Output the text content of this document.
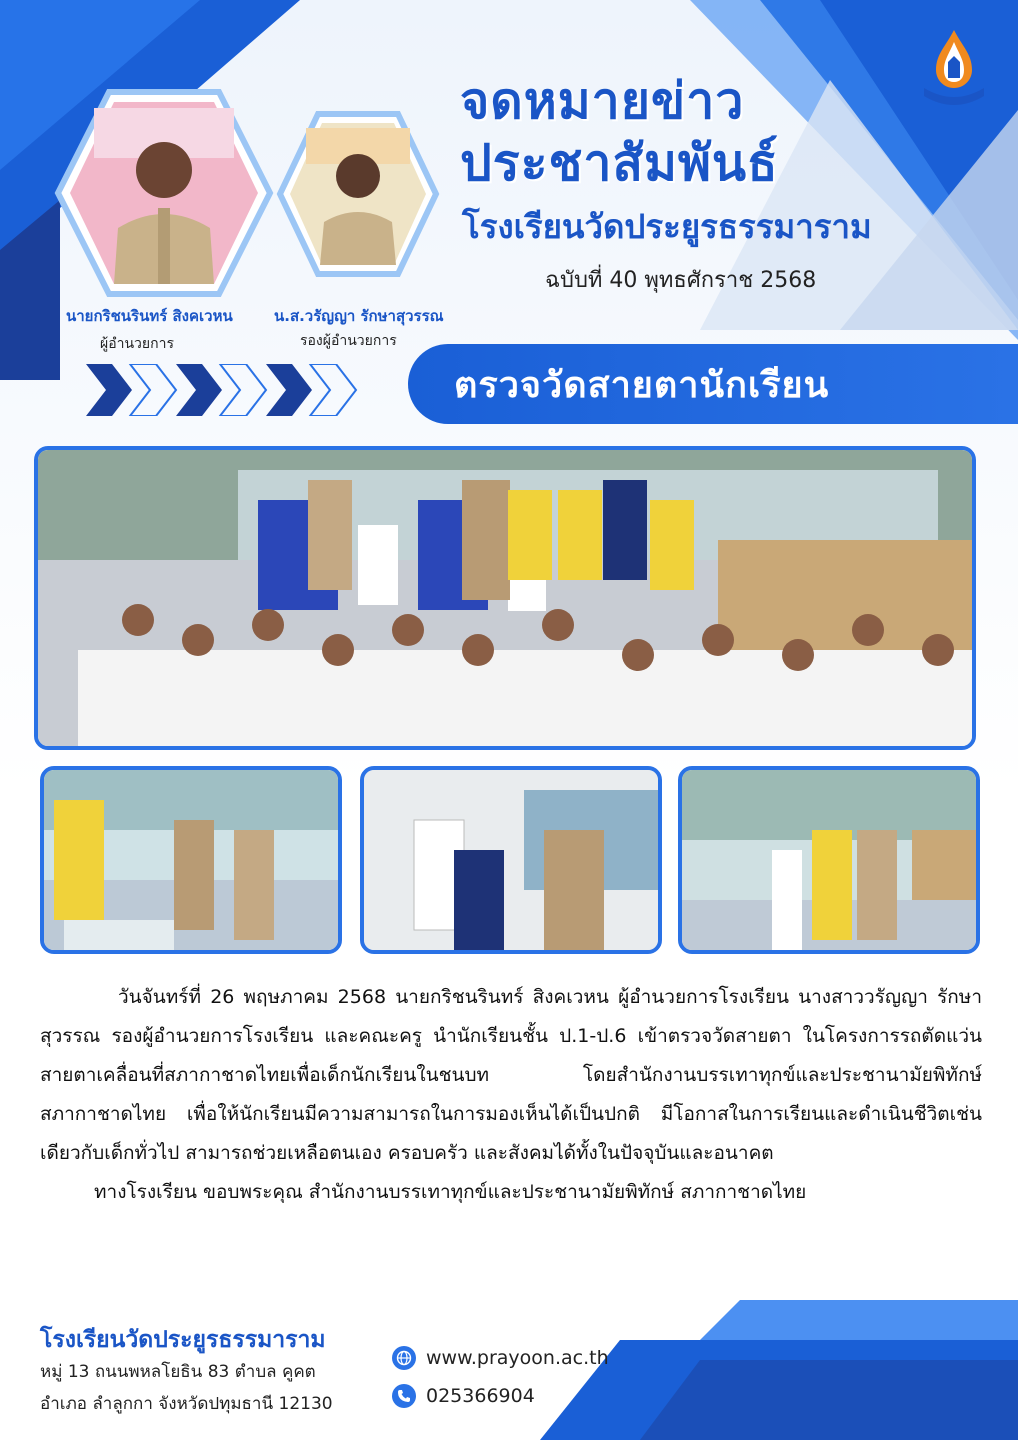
จดหมายข่าว
ประชาสัมพันธ์
โรงเรียนวัดประยูรธรรมาราม
ฉบับที่ 40 พุทธศักราช 2568
นายกริชนรินทร์ สิงคเวหน
ผู้อำนวยการ
น.ส.วรัญญา รักษาสุวรรณ
รองผู้อำนวยการ
ตรวจวัดสายตานักเรียน

วันจันทร์ที่ 26 พฤษภาคม 2568 นายกริชนรินทร์ สิงคเวหน ผู้อำนวยการโรงเรียน นางสาววรัญญา รักษาสุวรรณ รองผู้อำนวยการโรงเรียน และคณะครู นำนักเรียนชั้น ป.1-ป.6 เข้าตรวจวัดสายตา ในโครงการรถตัดแว่นสายตาเคลื่อนที่สภากาชาดไทยเพื่อเด็กนักเรียนในชนบท โดยสำนักงานบรรเทาทุกข์และประชานามัยพิทักษ์ สภากาชาดไทย เพื่อให้นักเรียนมีความสามารถในการมองเห็นได้เป็นปกติ มีโอกาสในการเรียนและดำเนินชีวิตเช่นเดียวกับเด็กทั่วไป สามารถช่วยเหลือตนเอง ครอบครัว และสังคมได้ทั้งในปัจจุบันและอนาคต

ทางโรงเรียน ขอบพระคุณ สำนักงานบรรเทาทุกข์และประชานามัยพิทักษ์ สภากาชาดไทย

โรงเรียนวัดประยูรธรรมาราม
หมู่ 13 ถนนพหลโยธิน 83 ตำบล คูคต
อำเภอ ลำลูกกา จังหวัดปทุมธานี 12130
www.prayoon.ac.th
025366904
